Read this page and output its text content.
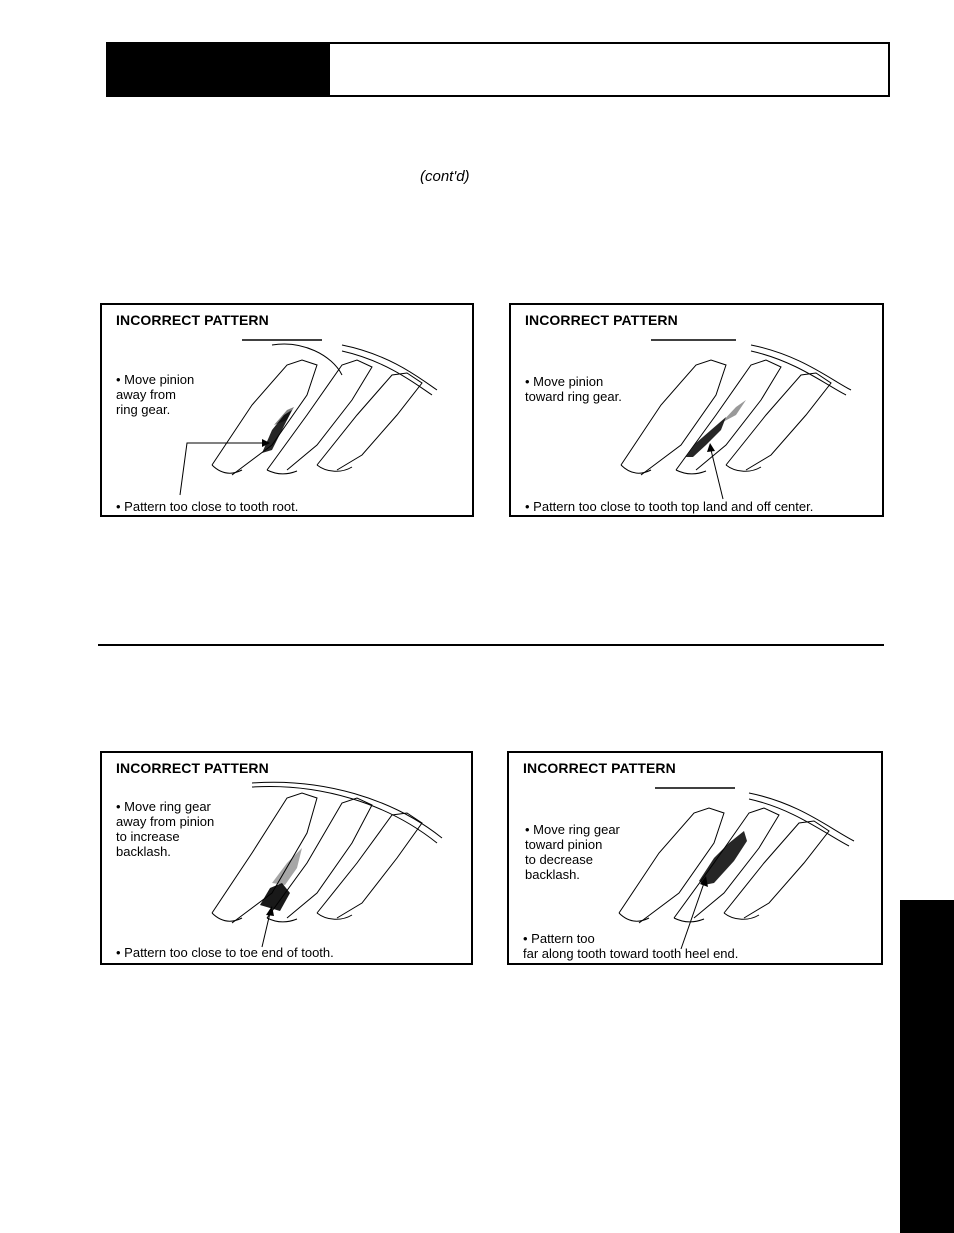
(cont'd)
INCORRECT PATTERN
• Move pinion
away from
ring gear.
• Pattern too close to tooth root.
INCORRECT PATTERN
• Move pinion
toward ring gear.
• Pattern too close to tooth top land and off center.
INCORRECT PATTERN
• Move ring gear
away from pinion
to increase
backlash.
• Pattern too close to toe end of tooth.
INCORRECT PATTERN
• Move ring gear
toward pinion
to decrease
backlash.
• Pattern too
far along tooth toward tooth heel end.
